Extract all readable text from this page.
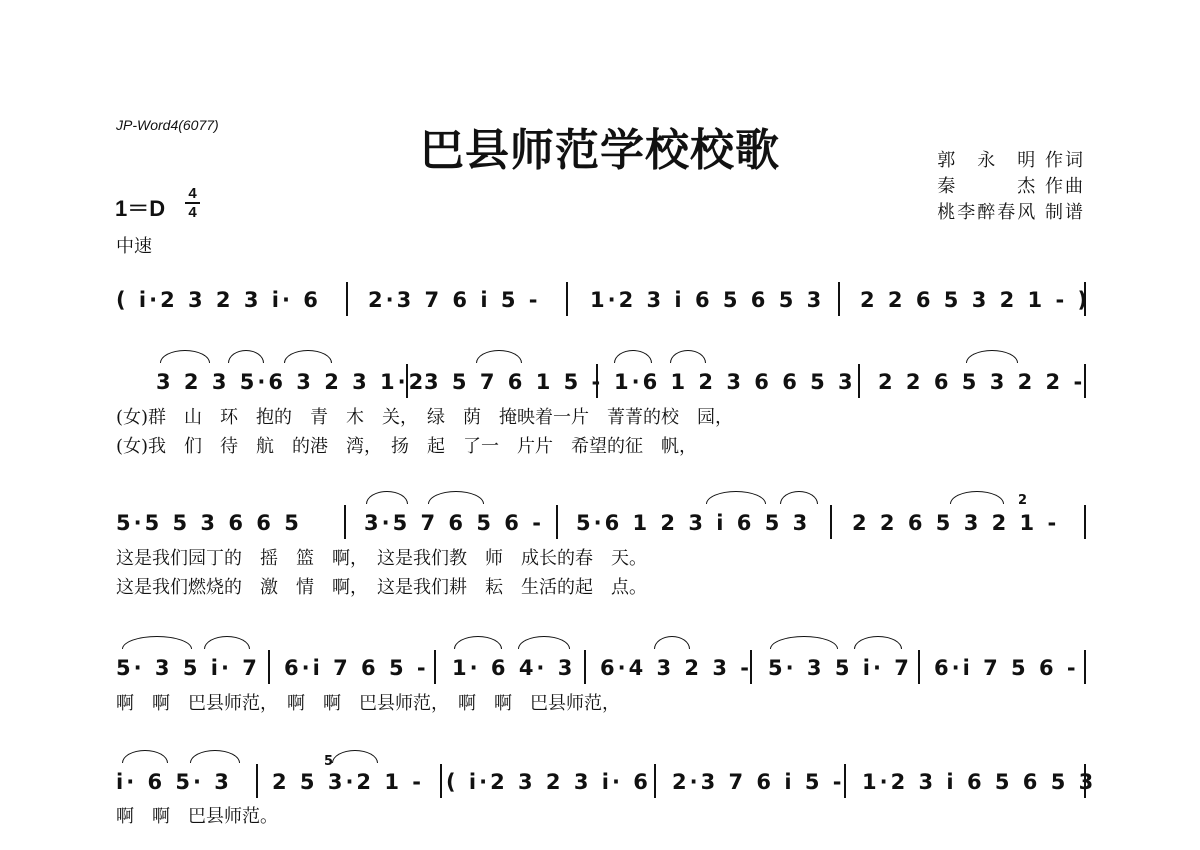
JP-Word4(6077)	巴县师范学校校歌	郭　永　明 作词
秦　　　杰 作曲
桃李醉春风 制谱
1＝D
4
4
中速
( i·2 3 2 3 i· 6 2·3 7 6 i 5 - 1·2 3 i 6 5 6 5 3 2 2 6 5 3 2 1 - )
3 2 3 5·6 3 2 3 1·2
3 5 7 6 1 5 - 1·6 1 2 3 6 6 5 3 2 2 6 5 3 2 2 -
(女)群　山　环　抱的　青　木　关，　绿　荫　掩映着一片　菁菁的校　园，
(女)我　们　待　航　的港　湾，　扬　起　了一　片片　希望的征　帆，
5·5 5 3 6 6 5	3·5 7 6 5 6 - 5·6 1 2 3 i 6 5 3 2 2 6 5 3 2 1 -
2
这是我们园丁的　摇　篮　啊，　这是我们教　师　成长的春　天。
这是我们燃烧的　激　情　啊，　这是我们耕　耘　生活的起　点。
5· 3 5 i· 7 6·i 7 6 5 - 1· 6 4· 3 6·4 3 2 3 - 5· 3 5 i· 7 6·i 7 5 6 -
啊　啊　巴县师范，　啊　啊　巴县师范，　啊　啊　巴县师范，
i· 6 5· 3 2 5 3·2 1 - ( i·2 3 2 3 i· 6 2·3 7 6 i 5 - 1·2 3 i 6 5 6 5 3
5
啊　啊　巴县师范。
